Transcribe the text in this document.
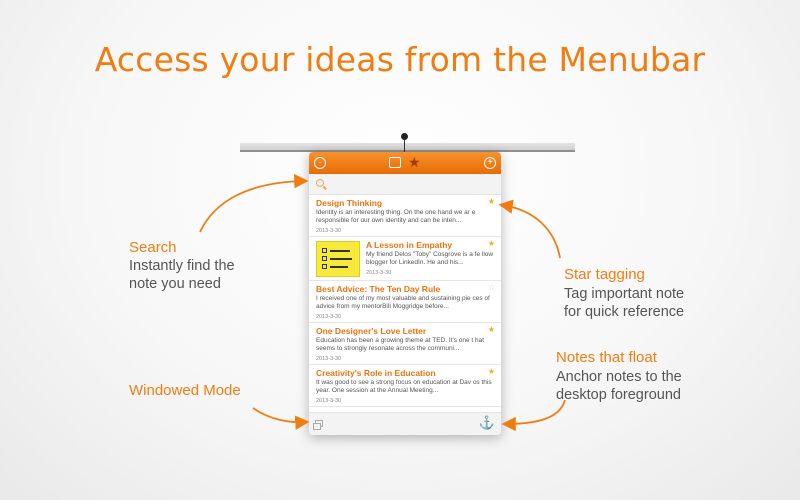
Access your ideas from the Menubar
·	★	+
Design Thinking	★
Identity is an interesting thing. On the one hand we ar e responsible for our own identity and can be inten...
2013-3-30
A Lesson in Empathy	★
My friend Delos "Toby" Cosgrove is a fe llow blogger for LinkedIn. He and his...
2013-3-30
Best Advice: The Ten Day Rule	☆
I received one of my most valuable and sustaining pie ces of advice from my mentorBill Moggridge before...
2013-3-30
One Designer's Love Letter	★
Education has been a growing theme at TED. It's one t hat seems to strongly resonate across the communi...
2013-3-30
Creativity's Role in Education	★
It was good to see a strong focus on education at Dav os this year. One session at the Annual Meeting...
2013-3-30
⚓
Search
Instantly find the
note you need
Windowed Mode
Star tagging
Tag important note
for quick reference
Notes that float
Anchor notes to the
desktop foreground
